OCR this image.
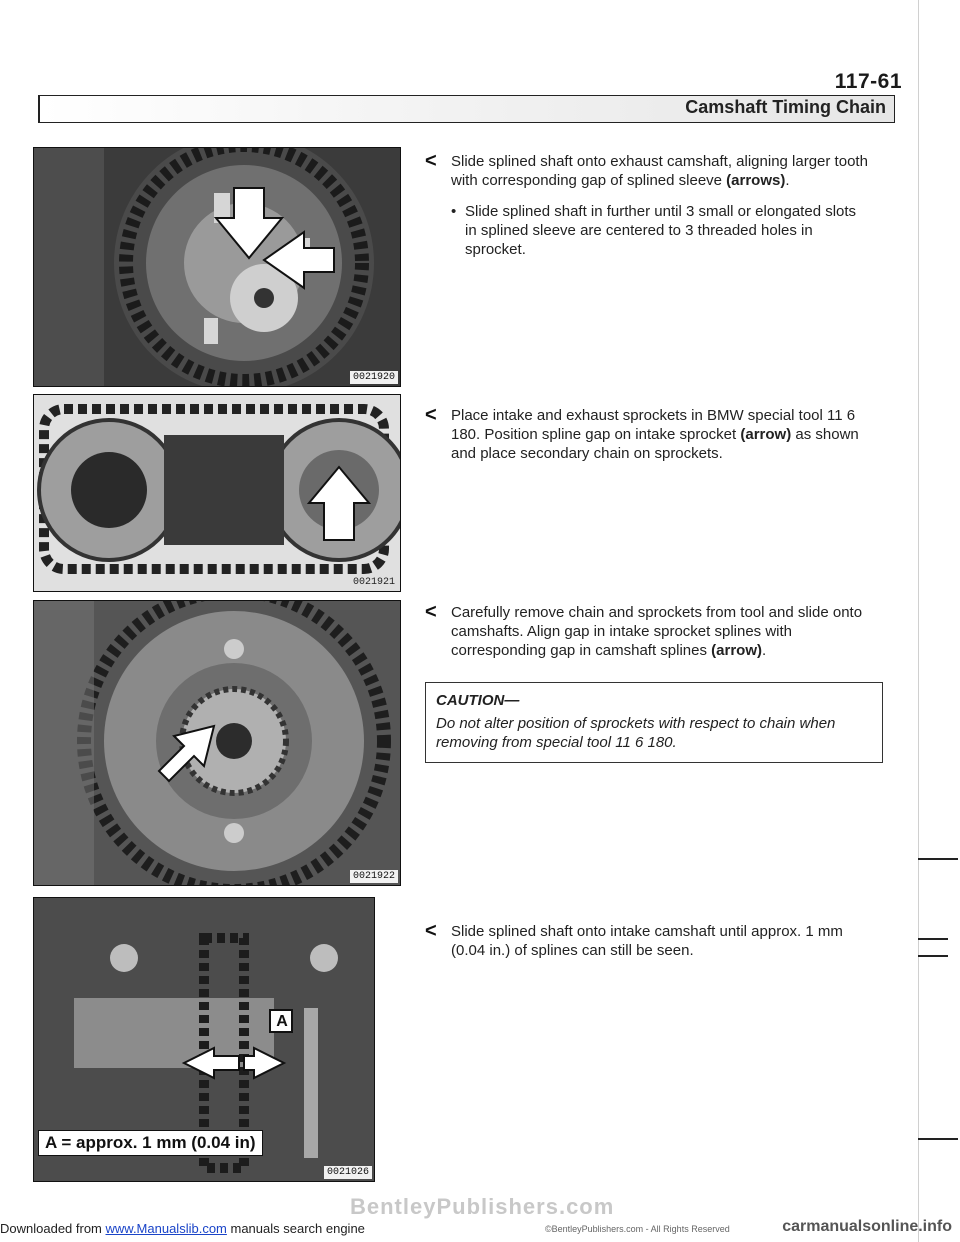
117-61
Camshaft Timing Chain
0021920
0021921
0021922
A
A = approx. 1 mm (0.04 in)
0021026
< Slide splined shaft onto exhaust camshaft, aligning larger tooth with corresponding gap of splined sleeve (arrows).
• Slide splined shaft in further until 3 small or elongated slots in splined sleeve are centered to 3 threaded holes in sprocket.
< Place intake and exhaust sprockets in BMW special tool 11 6 180. Position spline gap on intake sprocket (arrow) as shown and place secondary chain on sprockets.
< Carefully remove chain and sprockets from tool and slide onto camshafts. Align gap in intake sprocket splines with corresponding gap in camshaft splines (arrow).
CAUTION—
Do not alter position of sprockets with respect to chain when removing from special tool 11 6 180.
< Slide splined shaft onto intake camshaft until approx. 1 mm (0.04 in.) of splines can still be seen.
BentleyPublishers.com
Downloaded from www.Manualslib.com manuals search engine	©BentleyPublishers.com - All Rights Reserved	carmanualsonline.info
